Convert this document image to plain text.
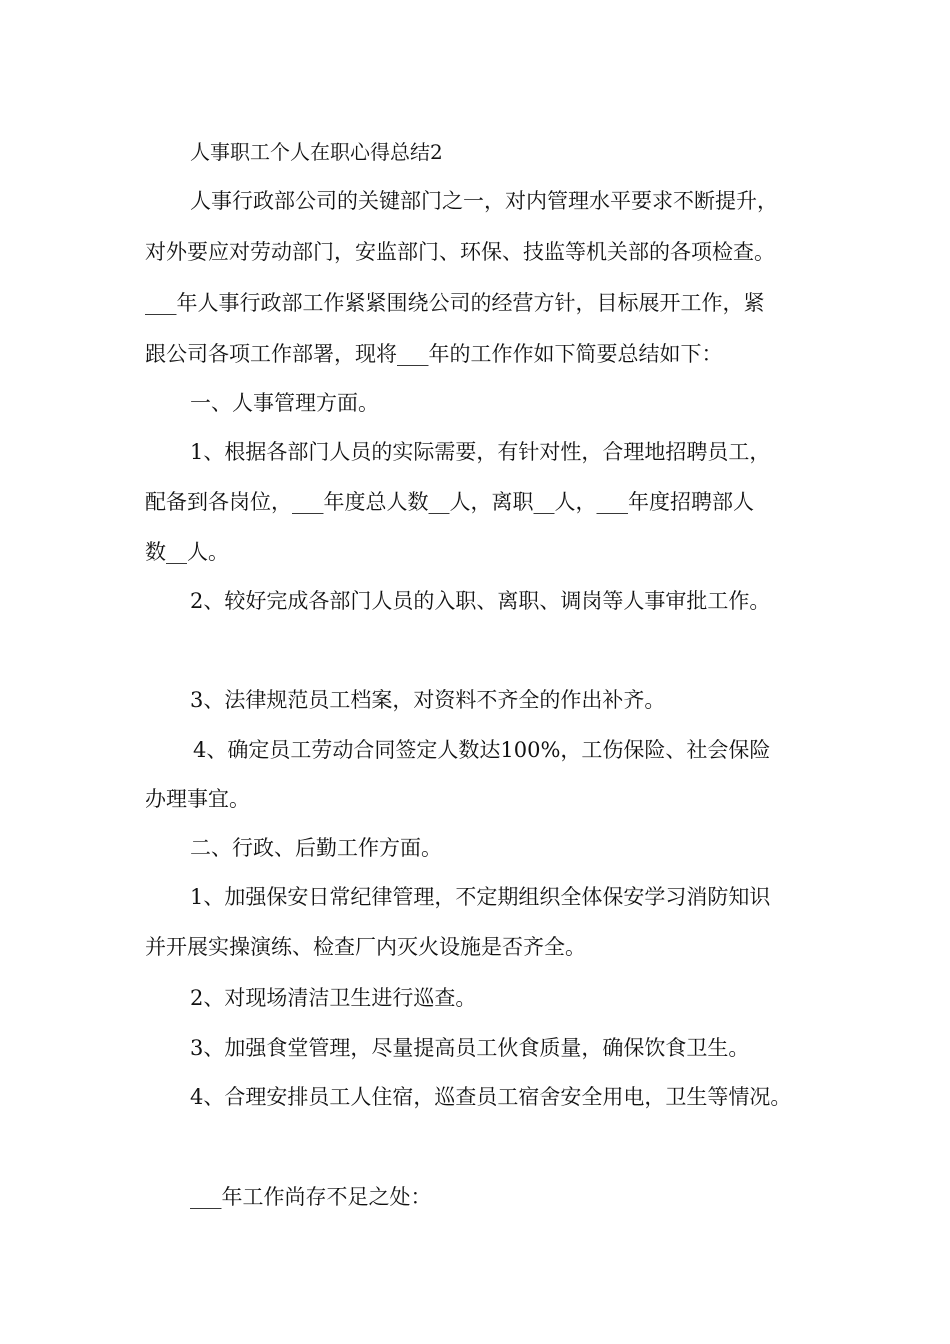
人事职工个人在职心得总结2
人事行政部公司的关键部门之一，对内管理水平要求不断提升，
对外要应对劳动部门，安监部门、环保、技监等机关部的各项检查。
___年人事行政部工作紧紧围绕公司的经营方针，目标展开工作，紧
跟公司各项工作部署，现将___年的工作作如下简要总结如下：
一、人事管理方面。
1、根据各部门人员的实际需要，有针对性，合理地招聘员工，
配备到各岗位，___年度总人数__人，离职__人，___年度招聘部人
数__人。
2、较好完成各部门人员的入职、离职、调岗等人事审批工作。
3、法律规范员工档案，对资料不齐全的作出补齐。
4、确定员工劳动合同签定人数达100%，工伤保险、社会保险
办理事宜。
二、行政、后勤工作方面。
1、加强保安日常纪律管理，不定期组织全体保安学习消防知识
并开展实操演练、检查厂内灭火设施是否齐全。
2、对现场清洁卫生进行巡查。
3、加强食堂管理，尽量提高员工伙食质量，确保饮食卫生。
4、合理安排员工人住宿，巡查员工宿舍安全用电，卫生等情况。
___年工作尚存不足之处：
